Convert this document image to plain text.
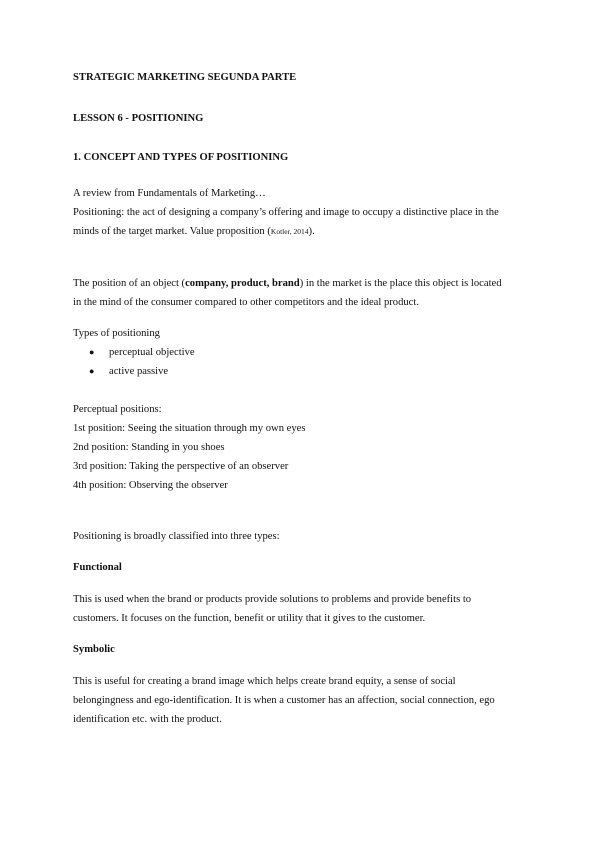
STRATEGIC MARKETING SEGUNDA PARTE
LESSON 6 - POSITIONING
1. CONCEPT AND TYPES OF POSITIONING
A review from Fundamentals of Marketing…
Positioning: the act of designing a company’s offering and image to occupy a distinctive place in the
minds of the target market. Value proposition (Kotler, 2014).
The position of an object (company, product, brand) in the market is the place this object is located
in the mind of the consumer compared to other competitors and the ideal product.
Types of positioning
● perceptual objective
● active passive
Perceptual positions:
1st position: Seeing the situation through my own eyes
2nd position: Standing in you shoes
3rd position: Taking the perspective of an observer
4th position: Observing the observer
Positioning is broadly classified into three types:
Functional
This is used when the brand or products provide solutions to problems and provide benefits to
customers. It focuses on the function, benefit or utility that it gives to the customer.
Symbolic
This is useful for creating a brand image which helps create brand equity, a sense of social
belongingness and ego-identification. It is when a customer has an affection, social connection, ego
identification etc. with the product.
